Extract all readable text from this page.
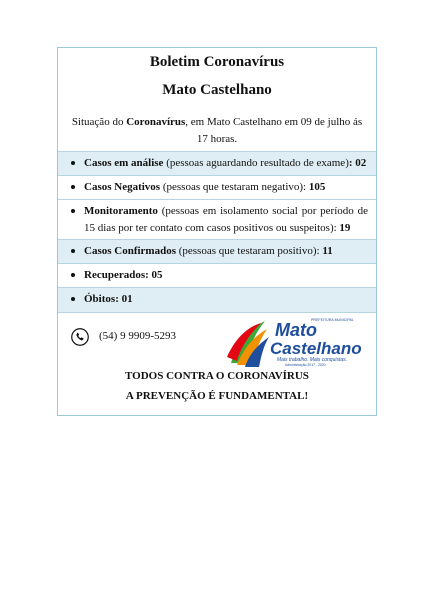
Boletim Coronavírus
Mato Castelhano
Situação do Coronavírus, em Mato Castelhano em 09 de julho ás 17 horas.
Casos em análise (pessoas aguardando resultado de exame): 02
Casos Negativos (pessoas que testaram negativo): 105
Monitoramento (pessoas em isolamento social por período de 15 dias por ter contato com casos positivos ou suspeitos): 19
Casos Confirmados (pessoas que testaram positivo): 11
Recuperados: 05
Óbitos: 01
(54) 9 9909-5293
PREFEITURA MUNICIPAL
Mato
Castelhano
Mais trabalho. Mais conquistas.
Administração 2017 - 2020
TODOS CONTRA O CORONAVÍRUS
A PREVENÇÃO É FUNDAMENTAL!
